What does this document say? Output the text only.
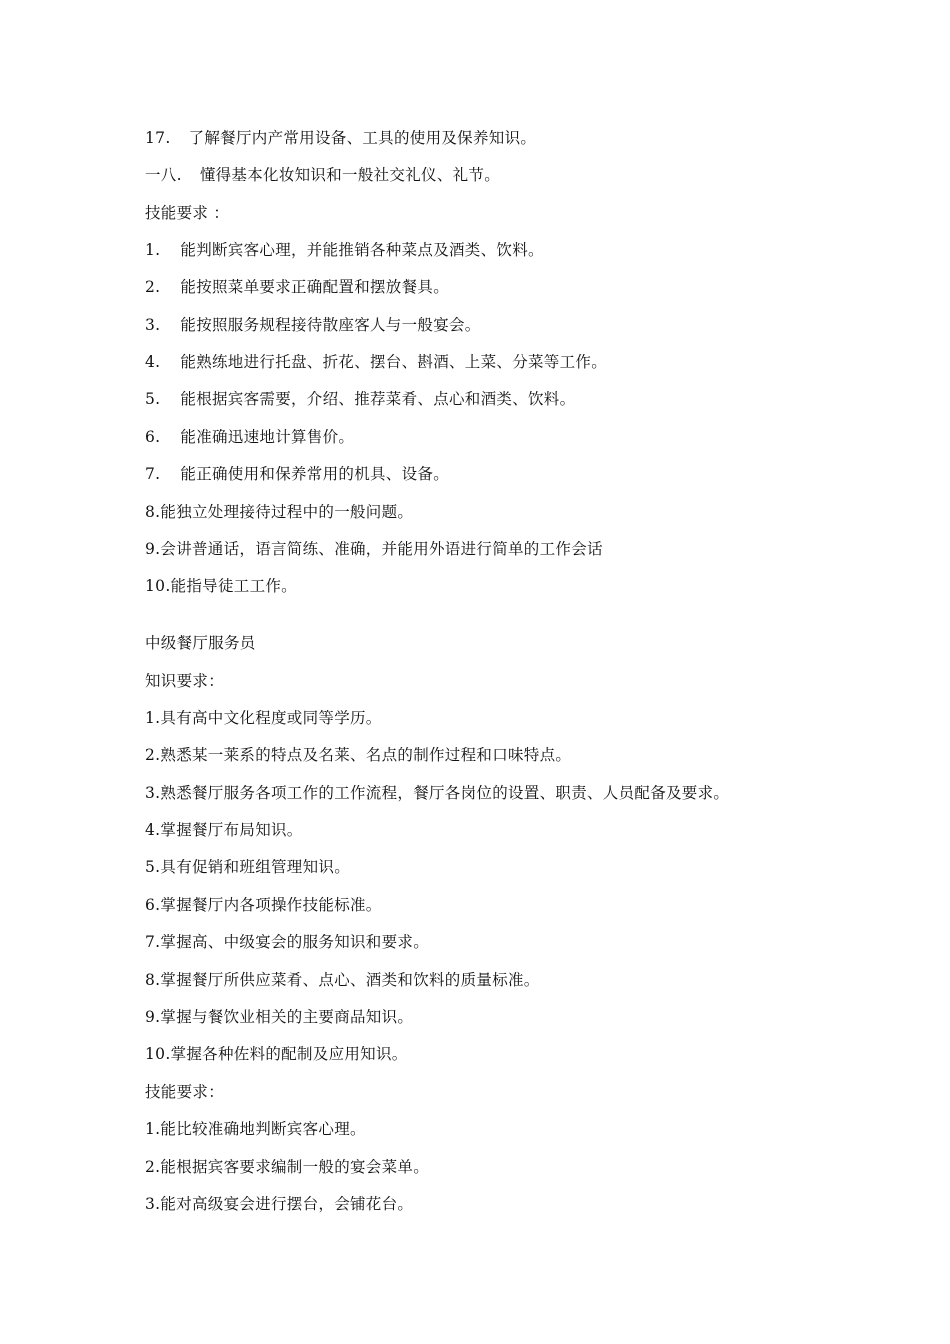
17. 了解餐厅内产常用设备、工具的使用及保养知识。
一八. 懂得基本化妆知识和一般社交礼仪、礼节。
技能要求 ：
1. 能判断宾客心理，并能推销各种菜点及酒类、饮料。
2. 能按照菜单要求正确配置和摆放餐具。
3. 能按照服务规程接待散座客人与一般宴会。
4. 能熟练地进行托盘、折花、摆台、斟酒、上菜、分菜等工作。
5. 能根据宾客需要，介绍、推荐菜肴、点心和酒类、饮料。
6. 能准确迅速地计算售价。
7. 能正确使用和保养常用的机具、设备。
8.能独立处理接待过程中的一般问题。
9.会讲普通话，语言简练、准确，并能用外语进行简单的工作会话
10.能指导徒工工作。
中级餐厅服务员
知识要求：
1.具有高中文化程度或同等学历。
2.熟悉某一莱系的特点及名莱、名点的制作过程和口味特点。
3.熟悉餐厅服务各项工作的工作流程，餐厅各岗位的设置、职责、人员配备及要求。
4.掌握餐厅布局知识。
5.具有促销和班组管理知识。
6.掌握餐厅内各项操作技能标准。
7.掌握高、中级宴会的服务知识和要求。
8.掌握餐厅所供应菜肴、点心、酒类和饮料的质量标准。
9.掌握与餐饮业相关的主要商品知识。
10.掌握各种佐料的配制及应用知识。
技能要求：
1.能比较准确地判断宾客心理。
2.能根据宾客要求编制一般的宴会菜单。
3.能对高级宴会进行摆台，会铺花台。
